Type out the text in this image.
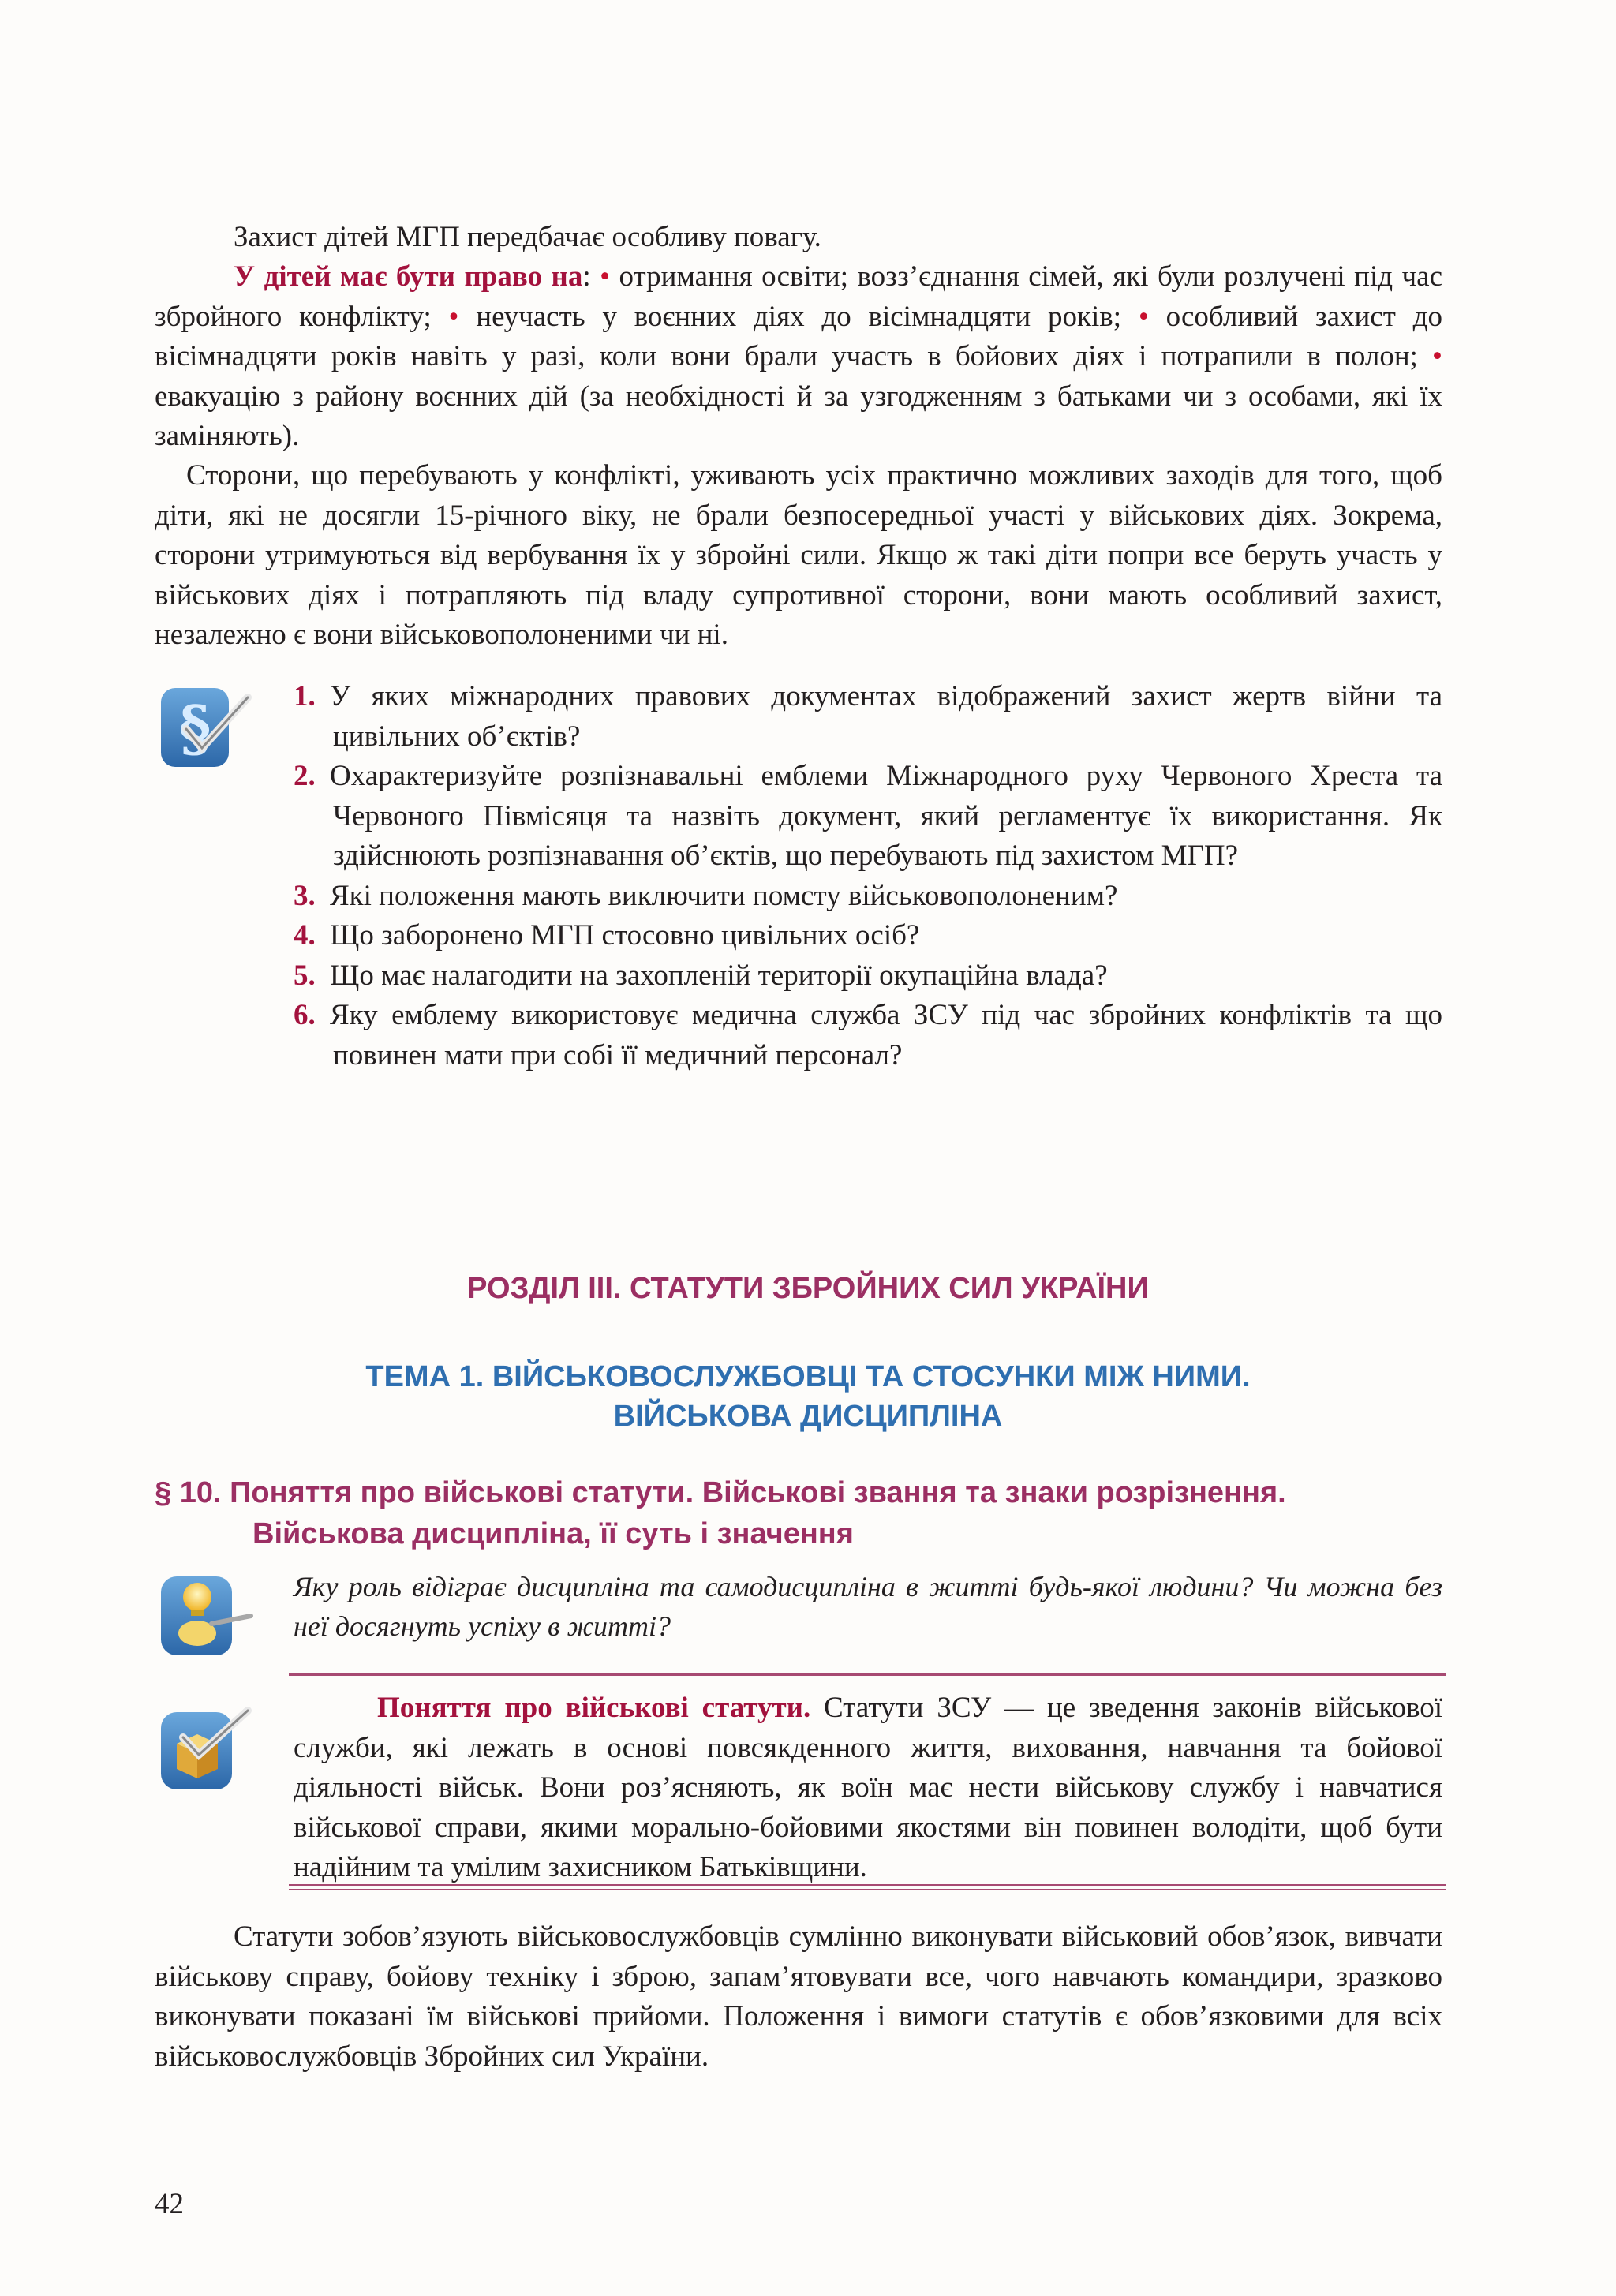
Захист дітей МГП передбачає особливу повагу.

У дітей має бути право на: • отримання освіти; возз’єднання сімей, які були розлучені під час збройного конфлікту; • неучасть у воєнних діях до вісімнадцяти років; • особливий захист до вісімнадцяти років навіть у разі, коли вони брали участь в бойових діях і потрапили в полон; • евакуацію з району воєнних дій (за необхідності й за узгодженням з батьками чи з особами, які їх заміняють).

Сторони, що перебувають у конфлікті, уживають усіх практично можливих заходів для того, щоб діти, які не досягли 15-річного віку, не брали безпосередньої участі у військових діях. Зокрема, сторони утримуються від вербування їх у збройні сили. Якщо ж такі діти попри все беруть участь у військових діях і потрапляють під владу супротивної сторони, вони мають особливий захист, незалежно є вони військовополоненими чи ні.

§	1. У яких міжнародних правових документах відображений захист жертв війни та цивільних об’єктів?
2. Охарактеризуйте розпізнавальні емблеми Міжнародного руху Червоного Хреста та Червоного Півмісяця та назвіть документ, який регламентує їх використання. Як здійснюють розпізнавання об’єктів, що перебувають під захистом МГП?
3. Які положення мають виключити помсту військовополоненим?
4. Що заборонено МГП стосовно цивільних осіб?
5. Що має налагодити на захопленій території окупаційна влада?
6. Яку емблему використовує медична служба ЗСУ під час збройних конфліктів та що повинен мати при собі її медичний персонал?
РОЗДІЛ ІІІ. СТАТУТИ ЗБРОЙНИХ СИЛ УКРАЇНИ
ТЕМА 1. ВІЙСЬКОВОСЛУЖБОВЦІ ТА СТОСУНКИ МІЖ НИМИ.
ВІЙСЬКОВА ДИСЦИПЛІНА
§ 10. Поняття про військові статути. Військові звання та знаки розрізнення.
Військова дисципліна, її суть і значення

Яку роль відіграє дисципліна та самодисципліна в житті будь-якої людини? Чи можна без неї досягнуть успіху в житті?

Поняття про військові статути. Статути ЗСУ — це зведення законів військової служби, які лежать в основі повсякденного життя, виховання, навчання та бойової діяльності військ. Вони роз’ясняють, як воїн має нести військову службу і навчатися військової справи, якими морально-бойовими якостями він повинен володіти, щоб бути надійним та умілим захисником Батьківщини.

Статути зобов’язують військовослужбовців сумлінно виконувати військовий обов’язок, вивчати військову справу, бойову техніку і зброю, запам’ятовувати все, чого навчають командири, зразково виконувати показані їм військові прийоми. Положення і вимоги статутів є обов’язковими для всіх військовослужбовців Збройних сил України.

42
